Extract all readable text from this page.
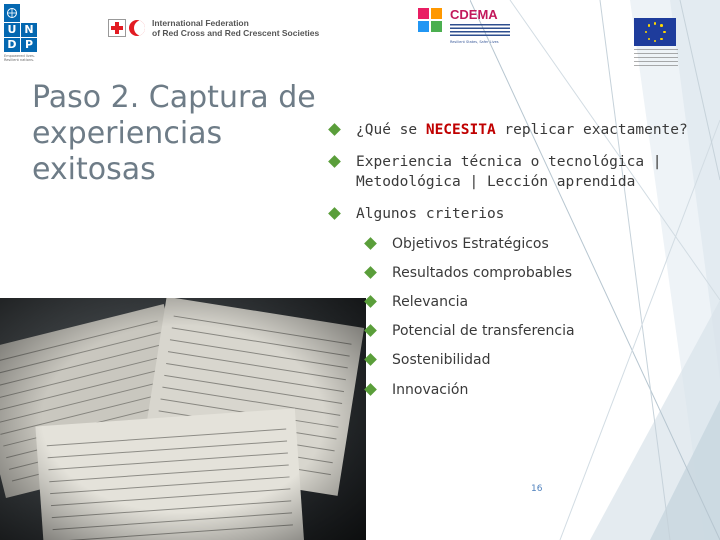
U N
D P
Empowered lives. Resilient nations.
International Federation
of Red Cross and Red Crescent Societies
CDEMA
Resilient States, Safer Lives
Paso 2. Captura de experiencias exitosas
¿Qué se NECESITA replicar exactamente?
Experiencia técnica o tecnológica |
Metodológica | Lección aprendida
Algunos criterios
Objetivos Estratégicos
Resultados comprobables
Relevancia
Potencial de transferencia
Sostenibilidad
Innovación
16
